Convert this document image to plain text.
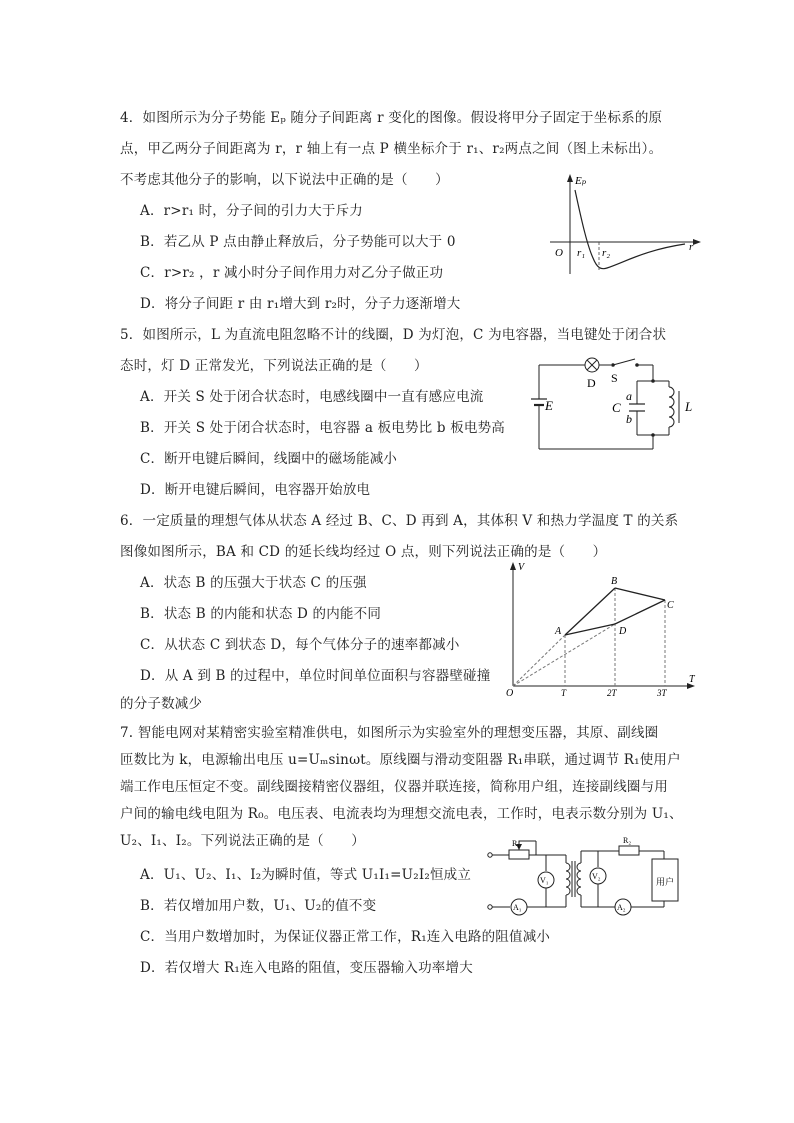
4．如图所示为分子势能 Eₚ 随分子间距离 r 变化的图像。假设将甲分子固定于坐标系的原
点，甲乙两分子间距离为 r，r 轴上有一点 P 横坐标介于 r₁、r₂两点之间（图上未标出）。
不考虑其他分子的影响，以下说法中正确的是（　　）
A．r>r₁ 时，分子间的引力大于斥力
B．若乙从 P 点由静止释放后，分子势能可以大于 0
C．r>r₂ ，r 减小时分子间作用力对乙分子做正功
D．将分子间距 r 由 r₁增大到 r₂时，分子力逐渐增大
Eₚ
O r₁ r₂	r
5．如图所示，L 为直流电阻忽略不计的线圈，D 为灯泡，C 为电容器，当电键处于闭合状
态时，灯 D 正常发光，下列说法正确的是（　　）
A．开关 S 处于闭合状态时，电感线圈中一直有感应电流
B．开关 S 处于闭合状态时，电容器 a 板电势比 b 板电势高
C．断开电键后瞬间，线圈中的磁场能减小
D．断开电键后瞬间，电容器开始放电
D S
E	C
a
b
L
6．一定质量的理想气体从状态 A 经过 B、C、D 再到 A，其体积 V 和热力学温度 T 的关系
图像如图所示，BA 和 CD 的延长线均经过 O 点，则下列说法正确的是（　　）
A．状态 B 的压强大于状态 C 的压强
B．状态 B 的内能和状态 D 的内能不同
C．从状态 C 到状态 D，每个气体分子的速率都减小
D．从 A 到 B 的过程中，单位时间单位面积与容器壁碰撞
的分子数减少
V
T
O
A
B
C
D
T	2T	3T
7. 智能电网对某精密实验室精准供电，如图所示为实验室外的理想变压器，其原、副线圈
匝数比为 k，电源输出电压 u=Uₘsinωt。原线圈与滑动变阻器 R₁串联，通过调节 R₁使用户
端工作电压恒定不变。副线圈接精密仪器组，仪器并联连接，简称用户组，连接副线圈与用
户间的输电线电阻为 R₀。电压表、电流表均为理想交流电表，工作时，电表示数分别为 U₁、
U₂、I₁、I₂。下列说法正确的是（　　）
A．U₁、U₂、I₁、I₂为瞬时值，等式 U₁I₁=U₂I₂恒成立
B．若仅增加用户数，U₁、U₂的值不变
C．当用户数增加时，为保证仪器正常工作，R₁连入电路的阻值减小
D．若仅增大 R₁连入电路的阻值，变压器输入功率增大
R₁	R₂
V₁	V₂
A₁	A₂
用户
